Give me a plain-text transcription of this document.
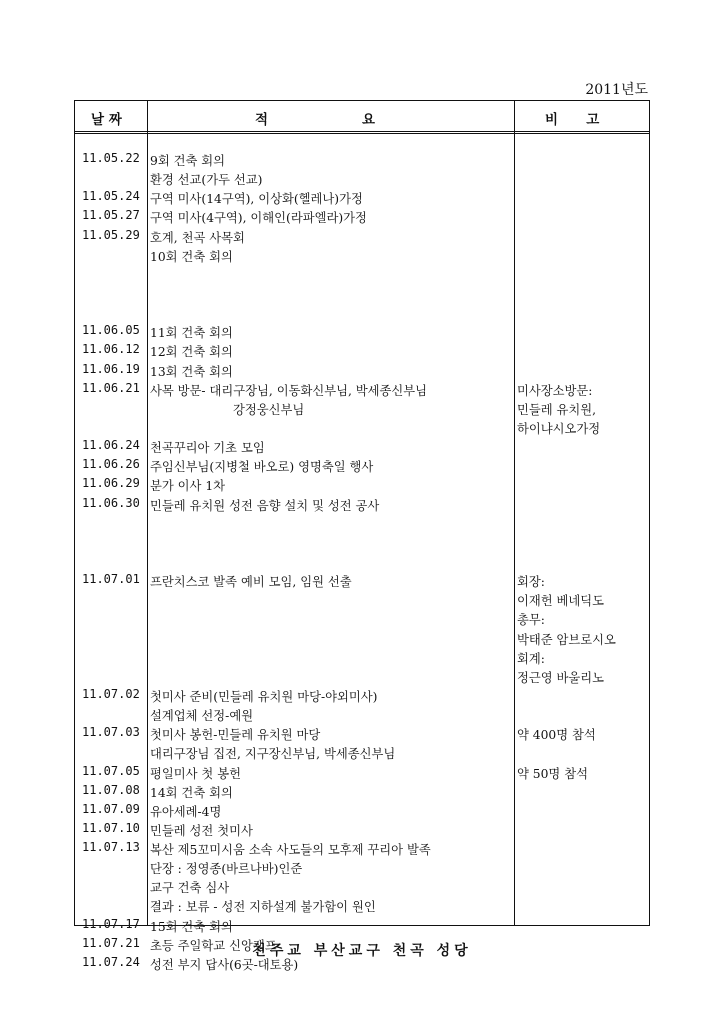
2011년도
날 짜	적                    요	비      고
11.05.22 9회 건축 회의
환경 선교(가두 선교)
11.05.24 구역 미사(14구역), 이상화(헬레나)가정
11.05.27 구역 미사(4구역), 이해인(라파엘라)가정
11.05.29 호계, 천곡 사목회
10회 건축 회의
11.06.05 11회 건축 회의
11.06.12 12회 건축 회의
11.06.19 13회 건축 회의
11.06.21 사목 방문- 대리구장님, 이동화신부님, 박세종신부님	미사장소방문:
강정웅신부님	민들레 유치원,
하이냐시오가정
11.06.24 천곡꾸리아 기초 모임
11.06.26 주임신부님(지병철 바오로) 영명축일 행사
11.06.29 분가 이사 1차
11.06.30 민들레 유치원 성전 음향 설치 및 성전 공사
11.07.01 프란치스코 발족 예비 모임, 임원 선출	회장:
이재헌 베네딕도
총무:
박태준 암브로시오
회계:
정근영 바울리노
11.07.02 첫미사 준비(민들레 유치원 마당-야외미사)
설계업체 선정-예원
11.07.03 첫미사 봉헌-민들레 유치원 마당	약 400명 참석
대리구장님 집전, 지구장신부님, 박세종신부님
11.07.05 평일미사 첫 봉헌	약 50명 참석
11.07.08 14회 건축 회의
11.07.09 유아세례-4명
11.07.10 민들레 성전 첫미사
11.07.13 복산 제5꼬미시움 소속 사도들의 모후제 꾸리아 발족
단장 : 정영종(바르나바)인준
교구 건축 심사
결과 : 보류 - 성전 지하설계 불가함이 원인
11.07.17 15회 건축 회의
11.07.21 초등 주일학교 신앙캠프
11.07.24 성전 부지 답사(6곳-대토용)
천주교 부산교구 천곡 성당
